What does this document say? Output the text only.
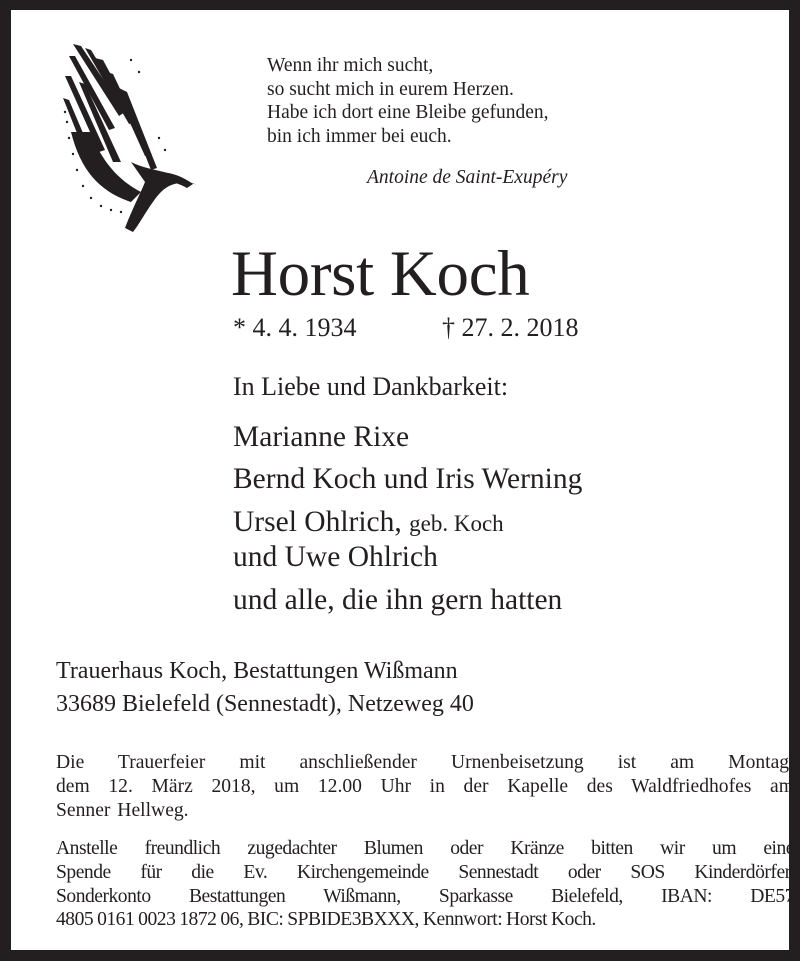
Wenn ihr mich sucht,
so sucht mich in eurem Herzen.
Habe ich dort eine Bleibe gefunden,
bin ich immer bei euch.
Antoine de Saint-Exupéry
Horst Koch
* 4. 4. 1934	† 27. 2. 2018
In Liebe und Dankbarkeit:
Marianne Rixe
Bernd Koch und Iris Werning
Ursel Ohlrich, geb. Koch
und Uwe Ohlrich
und alle, die ihn gern hatten
Trauerhaus Koch, Bestattungen Wißmann
33689 Bielefeld (Sennestadt), Netzeweg 40
Die Trauerfeier mit anschließender Urnenbeisetzung ist am Montag,
dem 12. März 2018, um 12.00 Uhr in der Kapelle des Waldfriedhofes am
Senner Hellweg.
Anstelle freundlich zugedachter Blumen oder Kränze bitten wir um eine
Spende für die Ev. Kirchengemeinde Sennestadt oder SOS Kinderdörfer.
Sonderkonto Bestattungen Wißmann, Sparkasse Bielefeld, IBAN: DE57
4805 0161 0023 1872 06, BIC: SPBIDE3BXXX, Kennwort: Horst Koch.
